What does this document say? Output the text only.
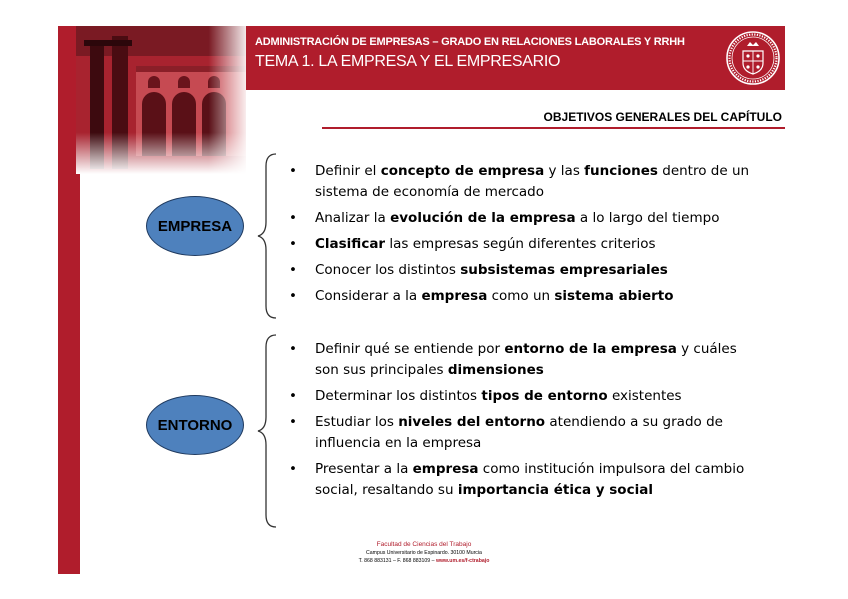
ADMINISTRACIÓN DE EMPRESAS – GRADO EN RELACIONES LABORALES Y RRHH
TEMA 1. LA EMPRESA Y EL EMPRESARIO
OBJETIVOS GENERALES DEL CAPÍTULO
EMPRESA
ENTORNO
• Definir el concepto de empresa y las funciones dentro de un sistema de economía de mercado
• Analizar la evolución de la empresa a lo largo del tiempo
• Clasificar las empresas según diferentes criterios
• Conocer los distintos subsistemas empresariales
• Considerar a la empresa como un sistema abierto
• Definir qué se entiende por entorno de la empresa y cuáles son sus principales dimensiones
• Determinar los distintos tipos de entorno existentes
• Estudiar los niveles del entorno atendiendo a su grado de influencia en la empresa
• Presentar a la empresa como institución impulsora del cambio social, resaltando su importancia ética y social
Facultad de Ciencias del Trabajo
Campus Universitario de Espinardo. 30100 Murcia
T. 868 883131 – F. 868 883109 – www.um.es/f-ctrabajo
